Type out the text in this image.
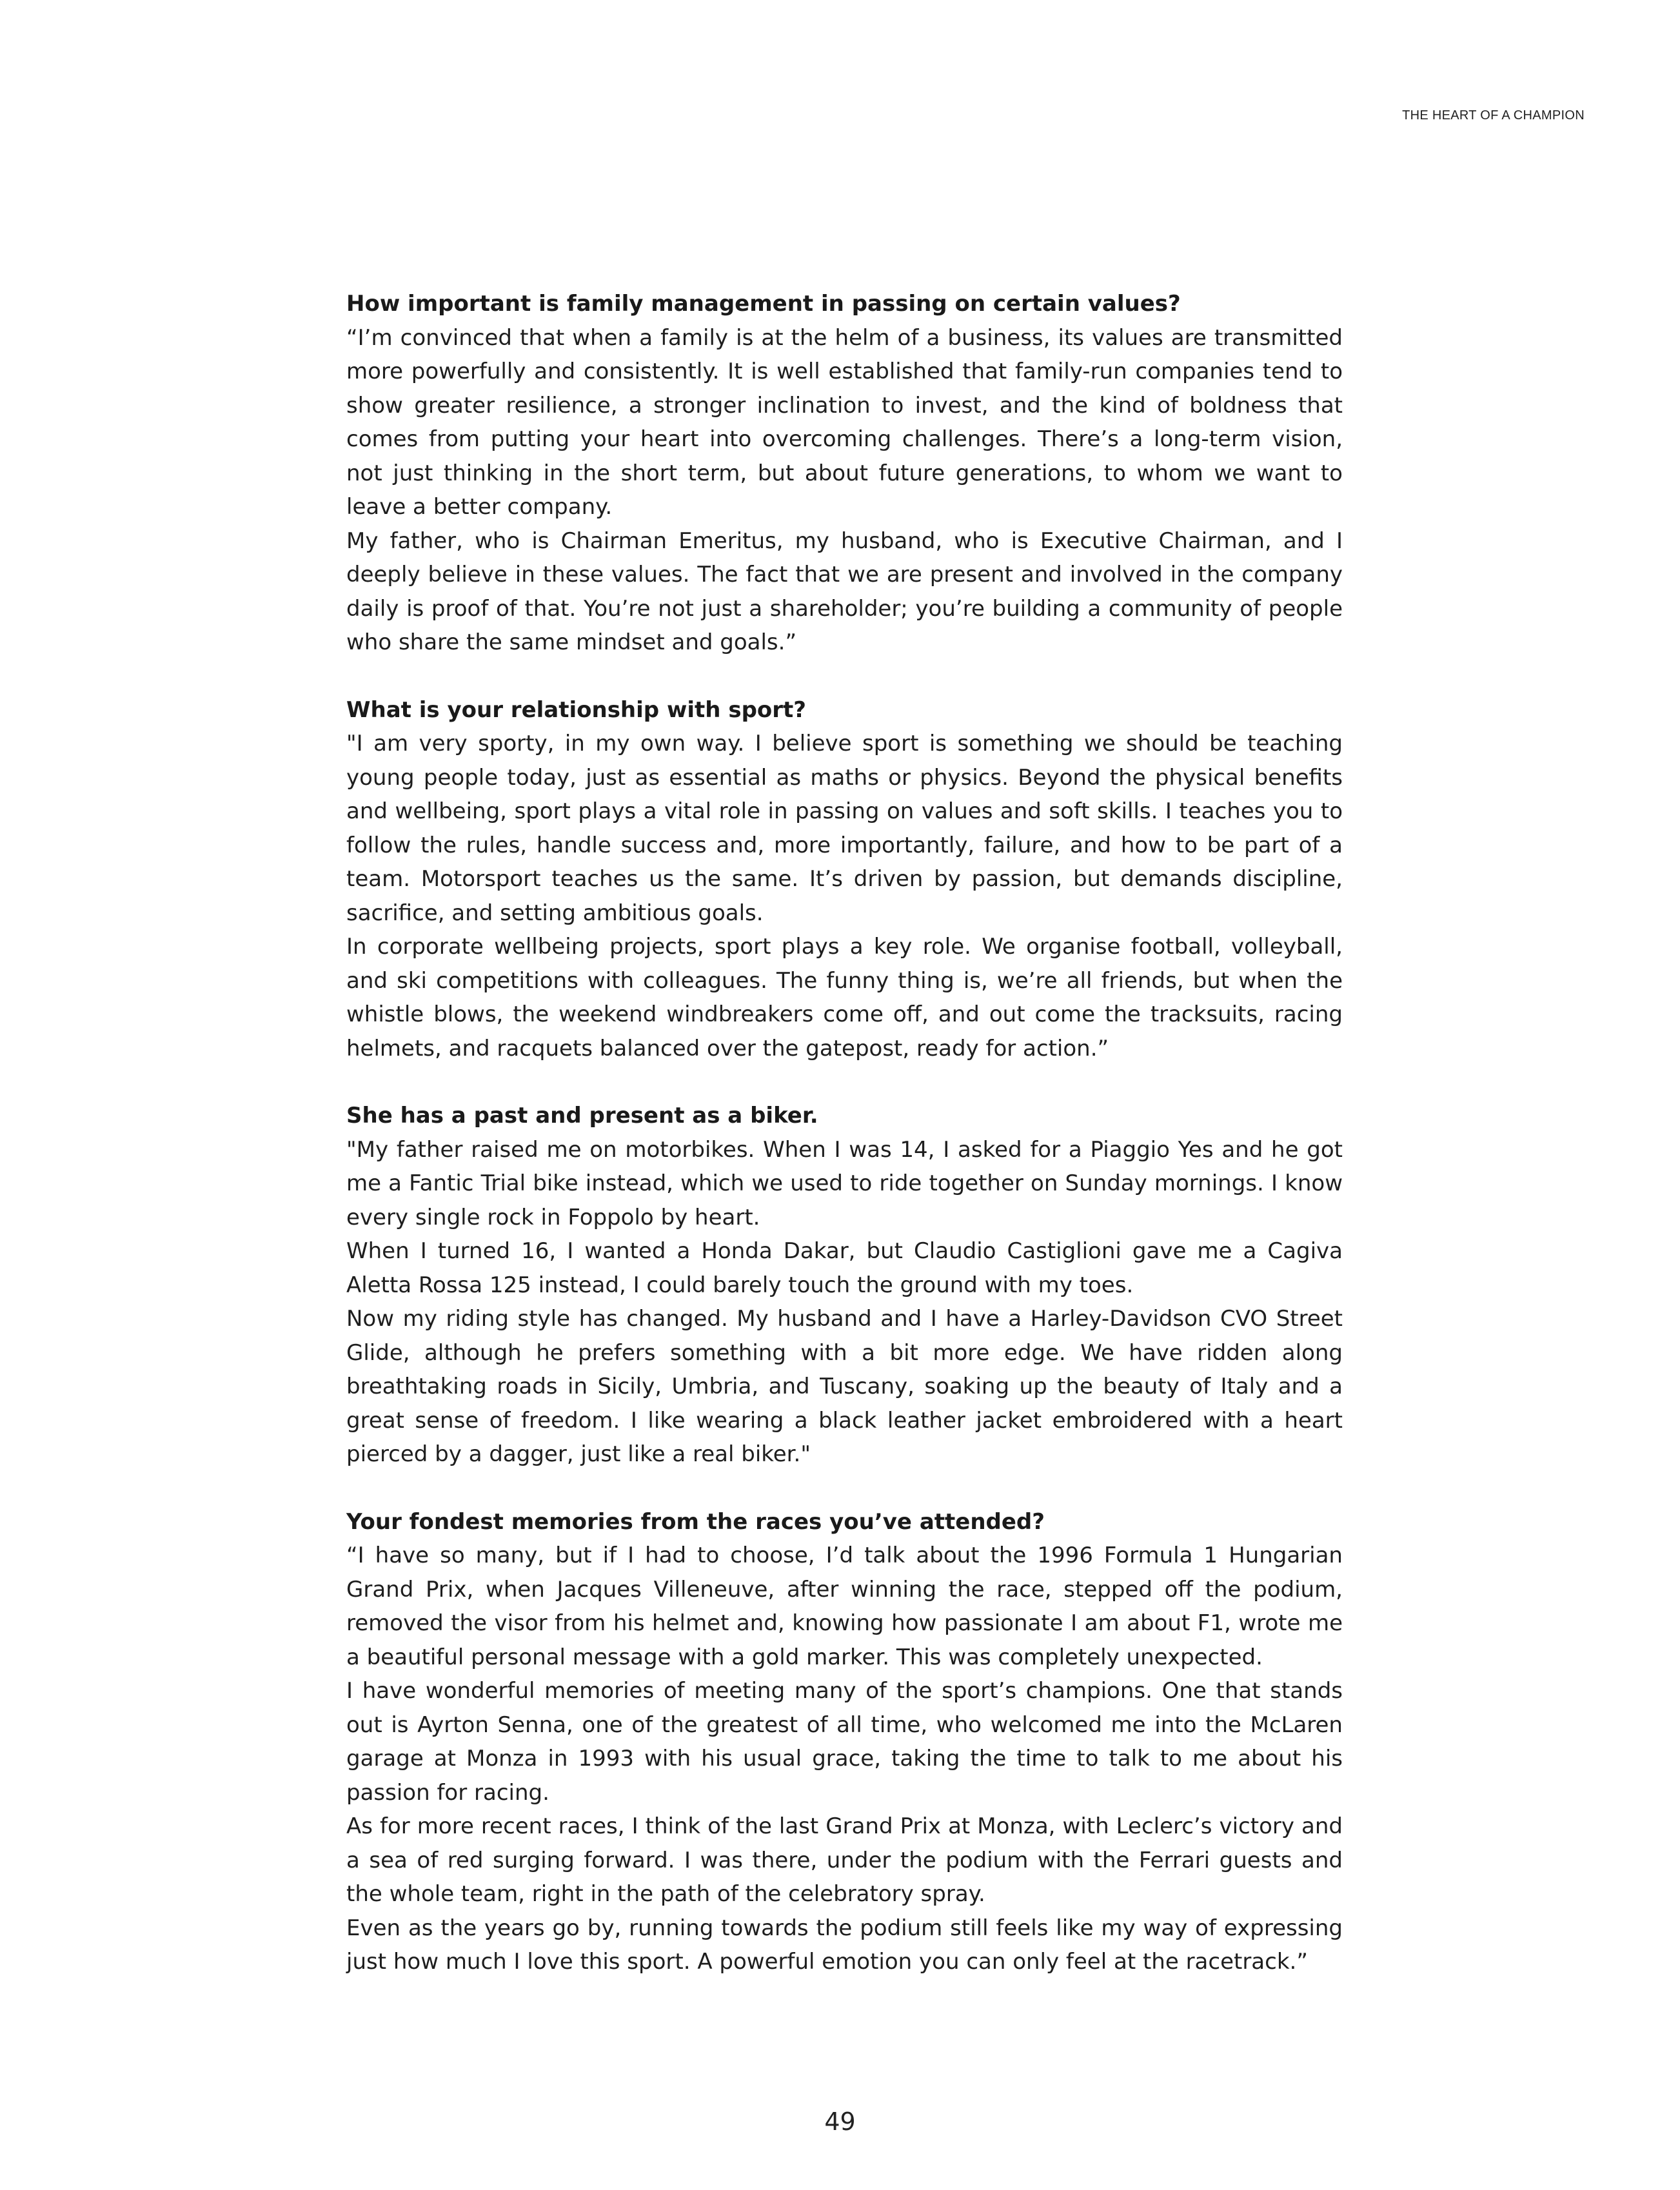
THE HEART OF A CHAMPION

How important is family management in passing on certain values?

“I’m convinced that when a family is at the helm of a business, its values are transmitted more powerfully and consistently. It is well established that family-run companies tend to show greater resilience, a stronger inclination to invest, and the kind of boldness that comes from putting your heart into overcoming challenges. There’s a long-term vision, not just thinking in the short term, but about future generations, to whom we want to leave a better company.

My father, who is Chairman Emeritus, my husband, who is Executive Chairman, and I deeply believe in these values. The fact that we are present and involved in the company daily is proof of that. You’re not just a shareholder; you’re building a community of people who share the same mindset and goals.”

What is your relationship with sport?

"I am very sporty, in my own way. I believe sport is something we should be teaching young people today, just as essential as maths or physics. Beyond the physical benefits and wellbeing, sport plays a vital role in passing on values and soft skills. I teaches you to follow the rules, handle success and, more importantly, failure, and how to be part of a team. Motorsport teaches us the same. It’s driven by passion, but demands discipline, sacrifice, and setting ambitious goals.

In corporate wellbeing projects, sport plays a key role. We organise football, volleyball, and ski competitions with colleagues. The funny thing is, we’re all friends, but when the whistle blows, the weekend windbreakers come off, and out come the tracksuits, racing helmets, and racquets balanced over the gatepost, ready for action.”

She has a past and present as a biker.

"My father raised me on motorbikes. When I was 14, I asked for a Piaggio Yes and he got me a Fantic Trial bike instead, which we used to ride together on Sunday mornings. I know every single rock in Foppolo by heart.

When I turned 16, I wanted a Honda Dakar, but Claudio Castiglioni gave me a Cagiva Aletta Rossa 125 instead, I could barely touch the ground with my toes.

Now my riding style has changed. My husband and I have a Harley-Davidson CVO Street Glide, although he prefers something with a bit more edge. We have ridden along breathtaking roads in Sicily, Umbria, and Tuscany, soaking up the beauty of Italy and a great sense of freedom. I like wearing a black leather jacket embroidered with a heart pierced by a dagger, just like a real biker."

Your fondest memories from the races you’ve attended?

“I have so many, but if I had to choose, I’d talk about the 1996 Formula 1 Hungarian Grand Prix, when Jacques Villeneuve, after winning the race, stepped off the podium, removed the visor from his helmet and, knowing how passionate I am about F1, wrote me a beautiful personal message with a gold marker. This was completely unexpected.

I have wonderful memories of meeting many of the sport’s champions. One that stands out is Ayrton Senna, one of the greatest of all time, who welcomed me into the McLaren garage at Monza in 1993 with his usual grace, taking the time to talk to me about his passion for racing.

As for more recent races, I think of the last Grand Prix at Monza, with Leclerc’s victory and a sea of red surging forward. I was there, under the podium with the Ferrari guests and the whole team, right in the path of the celebratory spray.

Even as the years go by, running towards the podium still feels like my way of expressing just how much I love this sport. A powerful emotion you can only feel at the racetrack.”

49
